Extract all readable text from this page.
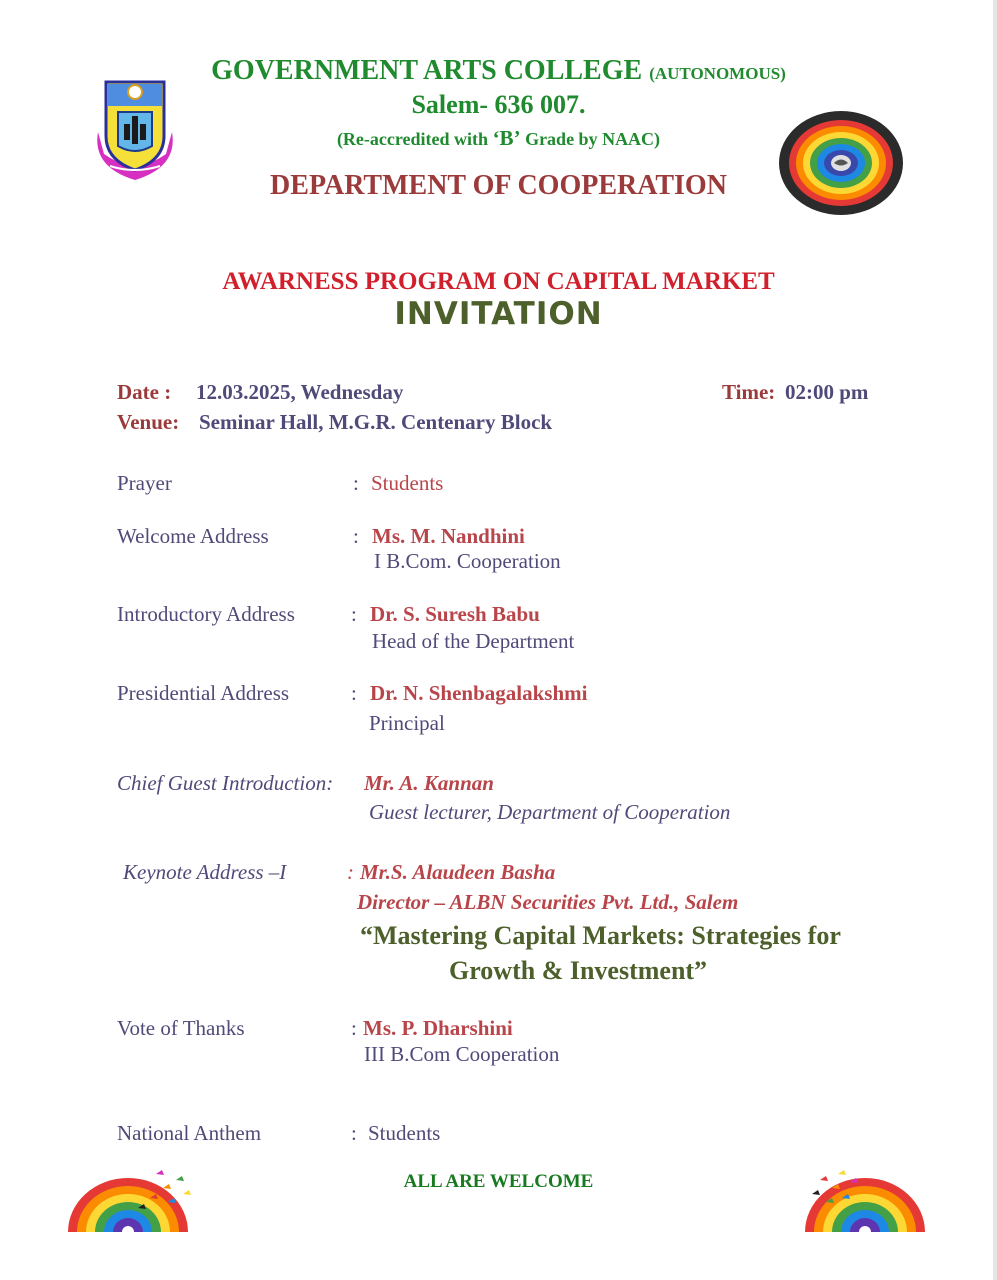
GOVERNMENT ARTS COLLEGE (AUTONOMOUS)
Salem- 636 007.
(Re-accredited with ‘B’ Grade by NAAC)
DEPARTMENT OF COOPERATION
AWARNESS PROGRAM ON CAPITAL MARKET
INVITATION
Date : 12.03.2025, Wednesday	Time: 02:00 pm
Venue: Seminar Hall, M.G.R. Centenary Block
Prayer	: Students
Welcome Address	: Ms. M. Nandhini
I B.Com. Cooperation
Introductory Address	: Dr. S. Suresh Babu
Head of the Department
Presidential Address	: Dr. N. Shenbagalakshmi
Principal
Chief Guest Introduction: Mr. A. Kannan
Guest lecturer, Department of Cooperation
Keynote Address –I	: Mr.S. Alaudeen Basha
Director – ALBN Securities Pvt. Ltd., Salem
“Mastering Capital Markets: Strategies for
Growth & Investment”
Vote of Thanks	: Ms. P. Dharshini
III B.Com Cooperation
National Anthem	: Students
ALL ARE WELCOME
